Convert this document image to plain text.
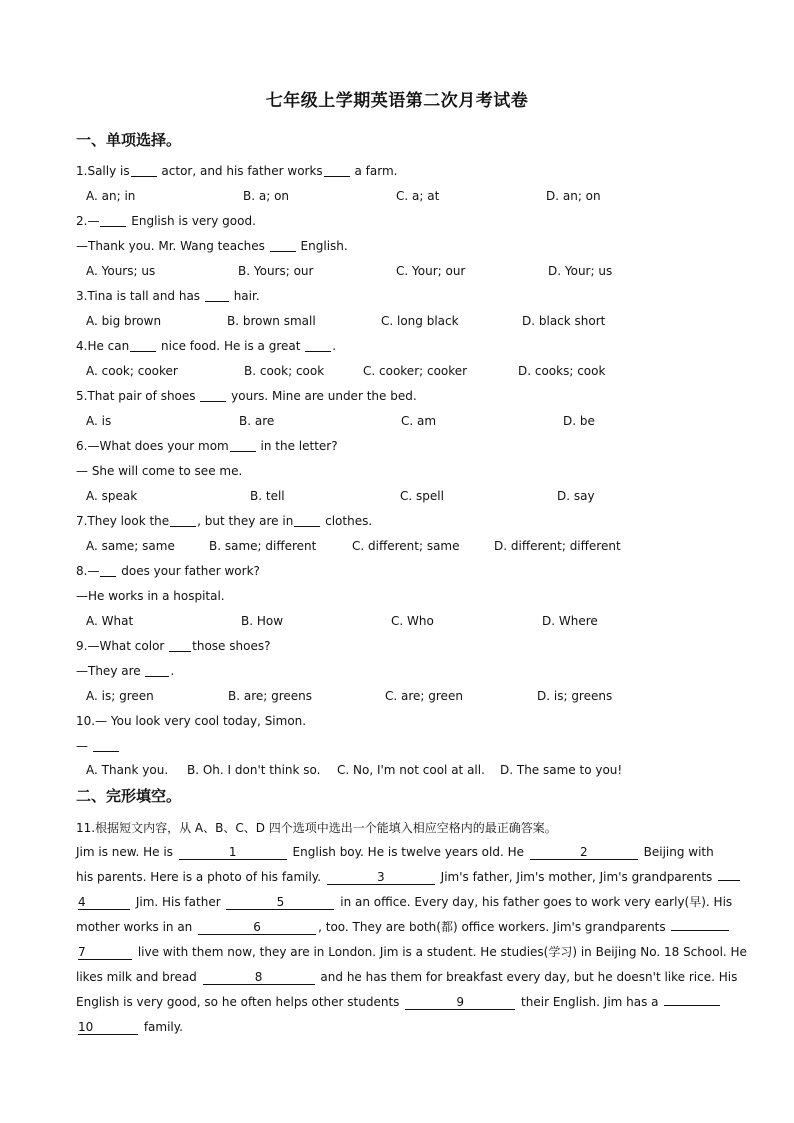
七年级上学期英语第二次月考试卷
一、单项选择。
1.Sally is actor, and his father works a farm.
A. an; in	B. a; on	C. a; at	D. an; on
2.— English is very good.
—Thank you. Mr. Wang teaches  English.
A. Yours; us	B. Yours; our	C. Your; our	D. Your; us
3.Tina is tall and has  hair.
A. big brown	B. brown small	C. long black	D. black short
4.He can nice food. He is a great .
A. cook; cooker	B. cook; cook	C. cooker; cooker	D. cooks; cook
5.That pair of shoes  yours. Mine are under the bed.
A. is	B. are	C. am	D. be
6.—What does your mom in the letter?
— She will come to see me.
A. speak	B. tell	C. spell	D. say
7.They look the , but they are in clothes.
A. same; same	B. same; different	C. different; same	D. different; different
8.— does your father work?
—He works in a hospital.
A. What	B. How	C. Who	D. Where
9.—What color those shoes?
—They are .
A. is; green	B. are; greens	C. are; green	D. is; greens
10.— You look very cool today, Simon.
—
A. Thank you. B. Oh. I don't think so. C. No, I'm not cool at all. D. The same to you!
二、完形填空。
11.根据短文内容，从 A、B、C、D 四个选项中选出一个能填入相应空格内的最正确答案。
Jim is new. He is	1	English boy. He is twelve years old. He	2	Beijing with
his parents. Here is a photo of his family.	3	Jim's father, Jim's mother, Jim's grandparents
4	Jim. His father	5	in an office. Every day, his father goes to work very early(早). His
mother works in an	6	, too. They are both(都) office workers. Jim's grandparents
7	live with them now, they are in London. Jim is a student. He studies(学习) in Beijing No. 18 School. He
likes milk and bread	8	and he has them for breakfast every day, but he doesn't like rice. His
English is very good, so he often helps other students	9	their English. Jim has a
10	family.
